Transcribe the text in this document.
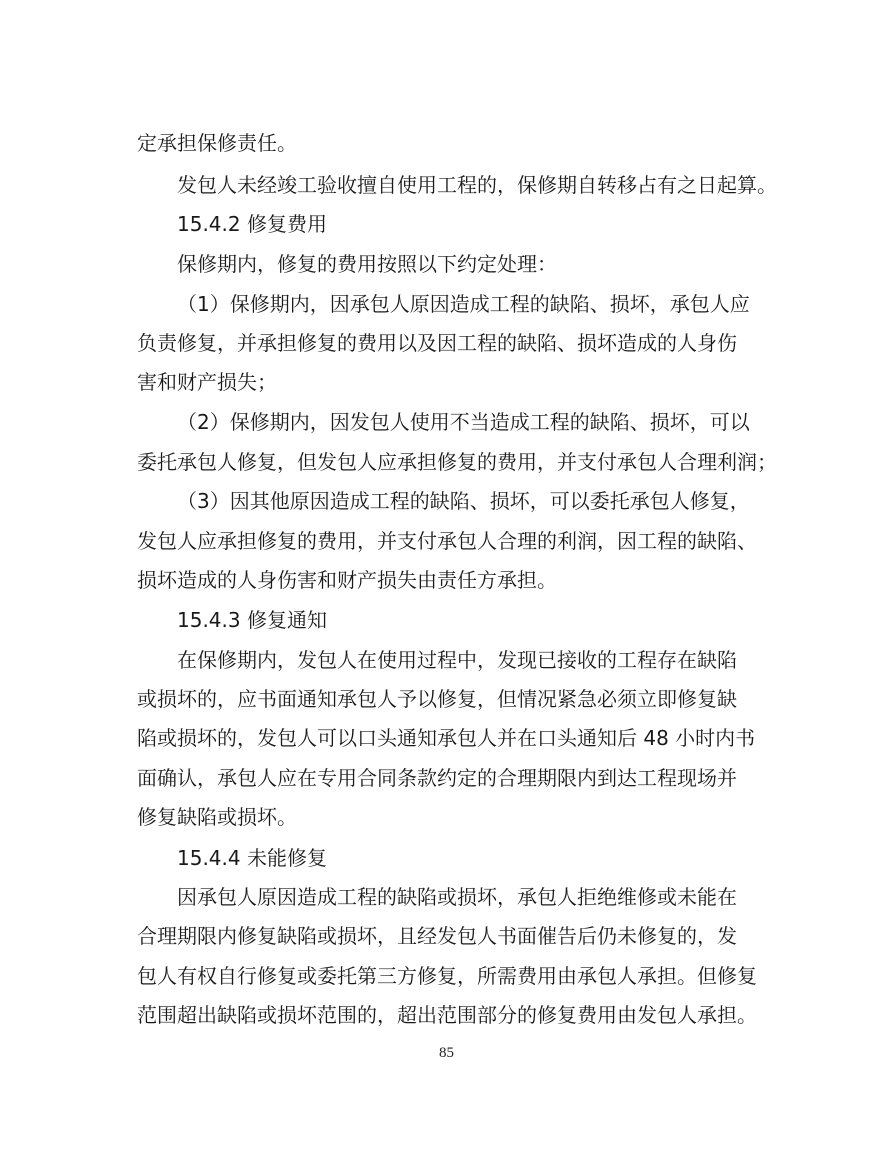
定承担保修责任。
发包人未经竣工验收擅自使用工程的，保修期自转移占有之日起算。
15.4.2 修复费用
保修期内，修复的费用按照以下约定处理：
（1）保修期内，因承包人原因造成工程的缺陷、损坏，承包人应
负责修复，并承担修复的费用以及因工程的缺陷、损坏造成的人身伤
害和财产损失；
（2）保修期内，因发包人使用不当造成工程的缺陷、损坏，可以
委托承包人修复，但发包人应承担修复的费用，并支付承包人合理利润；
（3）因其他原因造成工程的缺陷、损坏，可以委托承包人修复，
发包人应承担修复的费用，并支付承包人合理的利润，因工程的缺陷、
损坏造成的人身伤害和财产损失由责任方承担。
15.4.3 修复通知
在保修期内，发包人在使用过程中，发现已接收的工程存在缺陷
或损坏的，应书面通知承包人予以修复，但情况紧急必须立即修复缺
陷或损坏的，发包人可以口头通知承包人并在口头通知后 48 小时内书
面确认，承包人应在专用合同条款约定的合理期限内到达工程现场并
修复缺陷或损坏。
15.4.4 未能修复
因承包人原因造成工程的缺陷或损坏，承包人拒绝维修或未能在
合理期限内修复缺陷或损坏，且经发包人书面催告后仍未修复的，发
包人有权自行修复或委托第三方修复，所需费用由承包人承担。但修复
范围超出缺陷或损坏范围的，超出范围部分的修复费用由发包人承担。
85
